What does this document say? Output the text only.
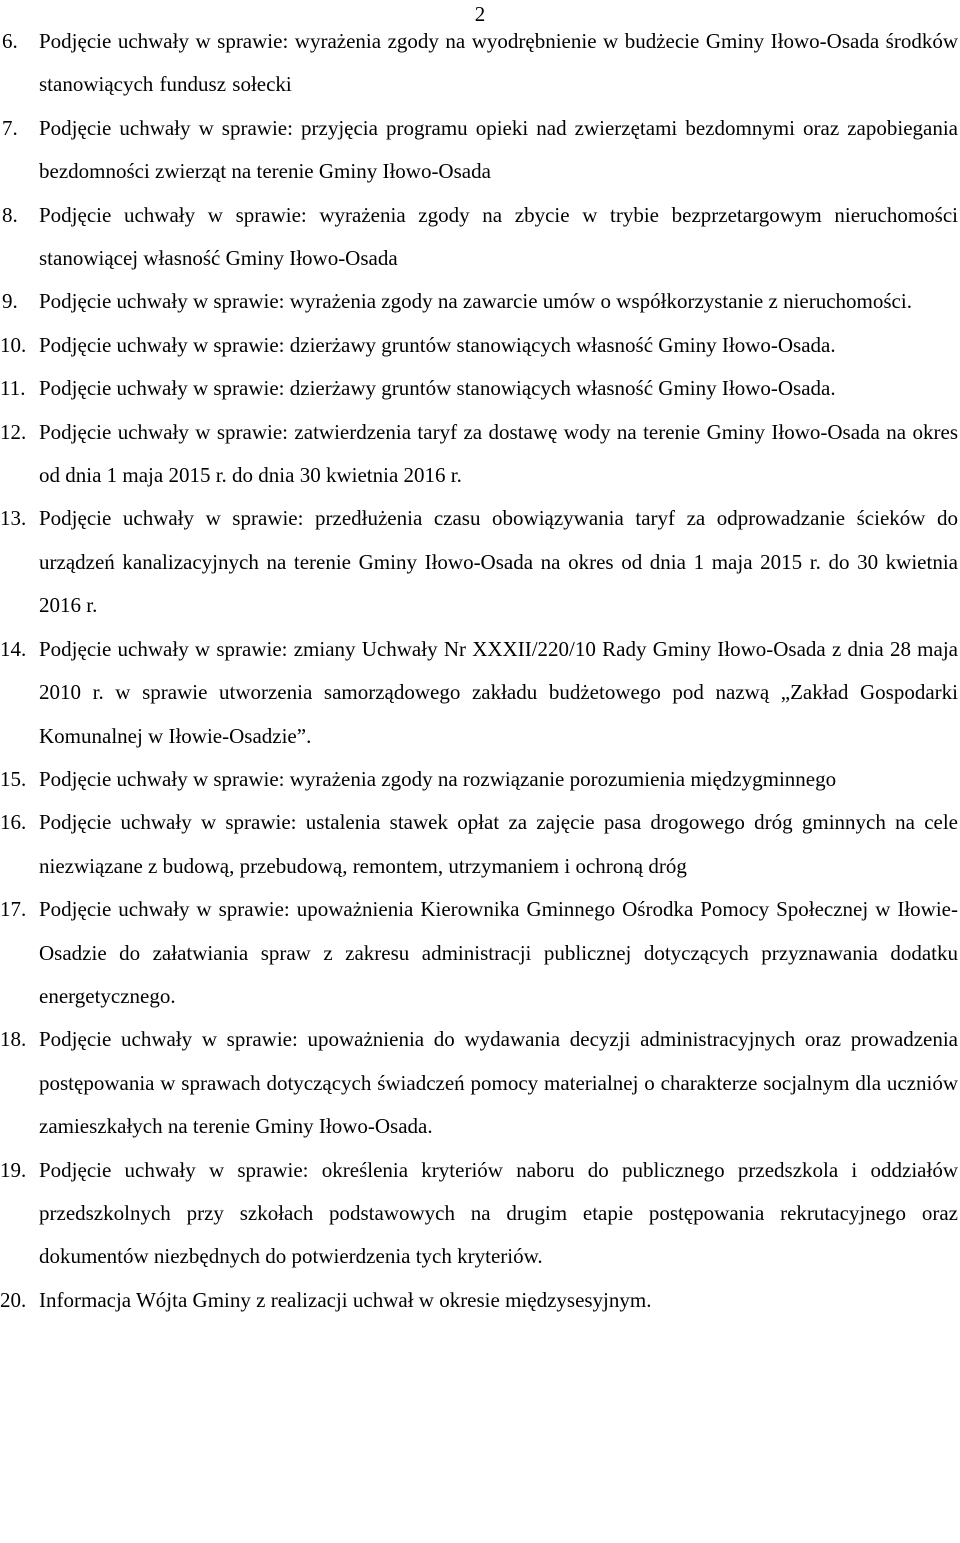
2
6. Podjęcie uchwały w sprawie: wyrażenia zgody na wyodrębnienie w budżecie Gminy Iłowo-Osada środków stanowiących fundusz sołecki
7. Podjęcie uchwały w sprawie: przyjęcia programu opieki nad zwierzętami bezdomnymi oraz zapobiegania bezdomności zwierząt na terenie Gminy Iłowo-Osada
8. Podjęcie uchwały w sprawie: wyrażenia zgody na zbycie w trybie bezprzetargowym nieruchomości stanowiącej własność Gminy Iłowo-Osada
9. Podjęcie uchwały w sprawie: wyrażenia zgody na zawarcie umów o współkorzystanie z nieruchomości.
10. Podjęcie uchwały w sprawie: dzierżawy gruntów stanowiących własność Gminy Iłowo-Osada.
11. Podjęcie uchwały w sprawie: dzierżawy gruntów stanowiących własność Gminy Iłowo-Osada.
12. Podjęcie uchwały w sprawie: zatwierdzenia taryf za dostawę wody na terenie Gminy Iłowo-Osada na okres od dnia 1 maja 2015 r. do dnia 30 kwietnia 2016 r.
13. Podjęcie uchwały w sprawie: przedłużenia czasu obowiązywania taryf za odprowadzanie ścieków do urządzeń kanalizacyjnych na terenie Gminy Iłowo-Osada na okres od dnia 1 maja 2015 r. do 30 kwietnia 2016 r.
14. Podjęcie uchwały w sprawie: zmiany Uchwały Nr XXXII/220/10 Rady Gminy Iłowo-Osada z dnia 28 maja 2010 r. w sprawie utworzenia samorządowego zakładu budżetowego pod nazwą „Zakład Gospodarki Komunalnej w Iłowie-Osadzie”.
15. Podjęcie uchwały w sprawie: wyrażenia zgody na rozwiązanie porozumienia międzygminnego
16. Podjęcie uchwały w sprawie: ustalenia stawek opłat za zajęcie pasa drogowego dróg gminnych na cele niezwiązane z budową, przebudową, remontem, utrzymaniem i ochroną dróg
17. Podjęcie uchwały w sprawie: upoważnienia Kierownika Gminnego Ośrodka Pomocy Społecznej w Iłowie-Osadzie do załatwiania spraw z zakresu administracji publicznej dotyczących przyznawania dodatku energetycznego.
18. Podjęcie uchwały w sprawie: upoważnienia do wydawania decyzji administracyjnych oraz prowadzenia postępowania w sprawach dotyczących świadczeń pomocy materialnej o charakterze socjalnym dla uczniów zamieszkałych na terenie Gminy Iłowo-Osada.
19. Podjęcie uchwały w sprawie: określenia kryteriów naboru do publicznego przedszkola i oddziałów przedszkolnych przy szkołach podstawowych na drugim etapie postępowania rekrutacyjnego oraz dokumentów niezbędnych do potwierdzenia tych kryteriów.
20. Informacja Wójta Gminy z realizacji uchwał w okresie międzysesyjnym.
